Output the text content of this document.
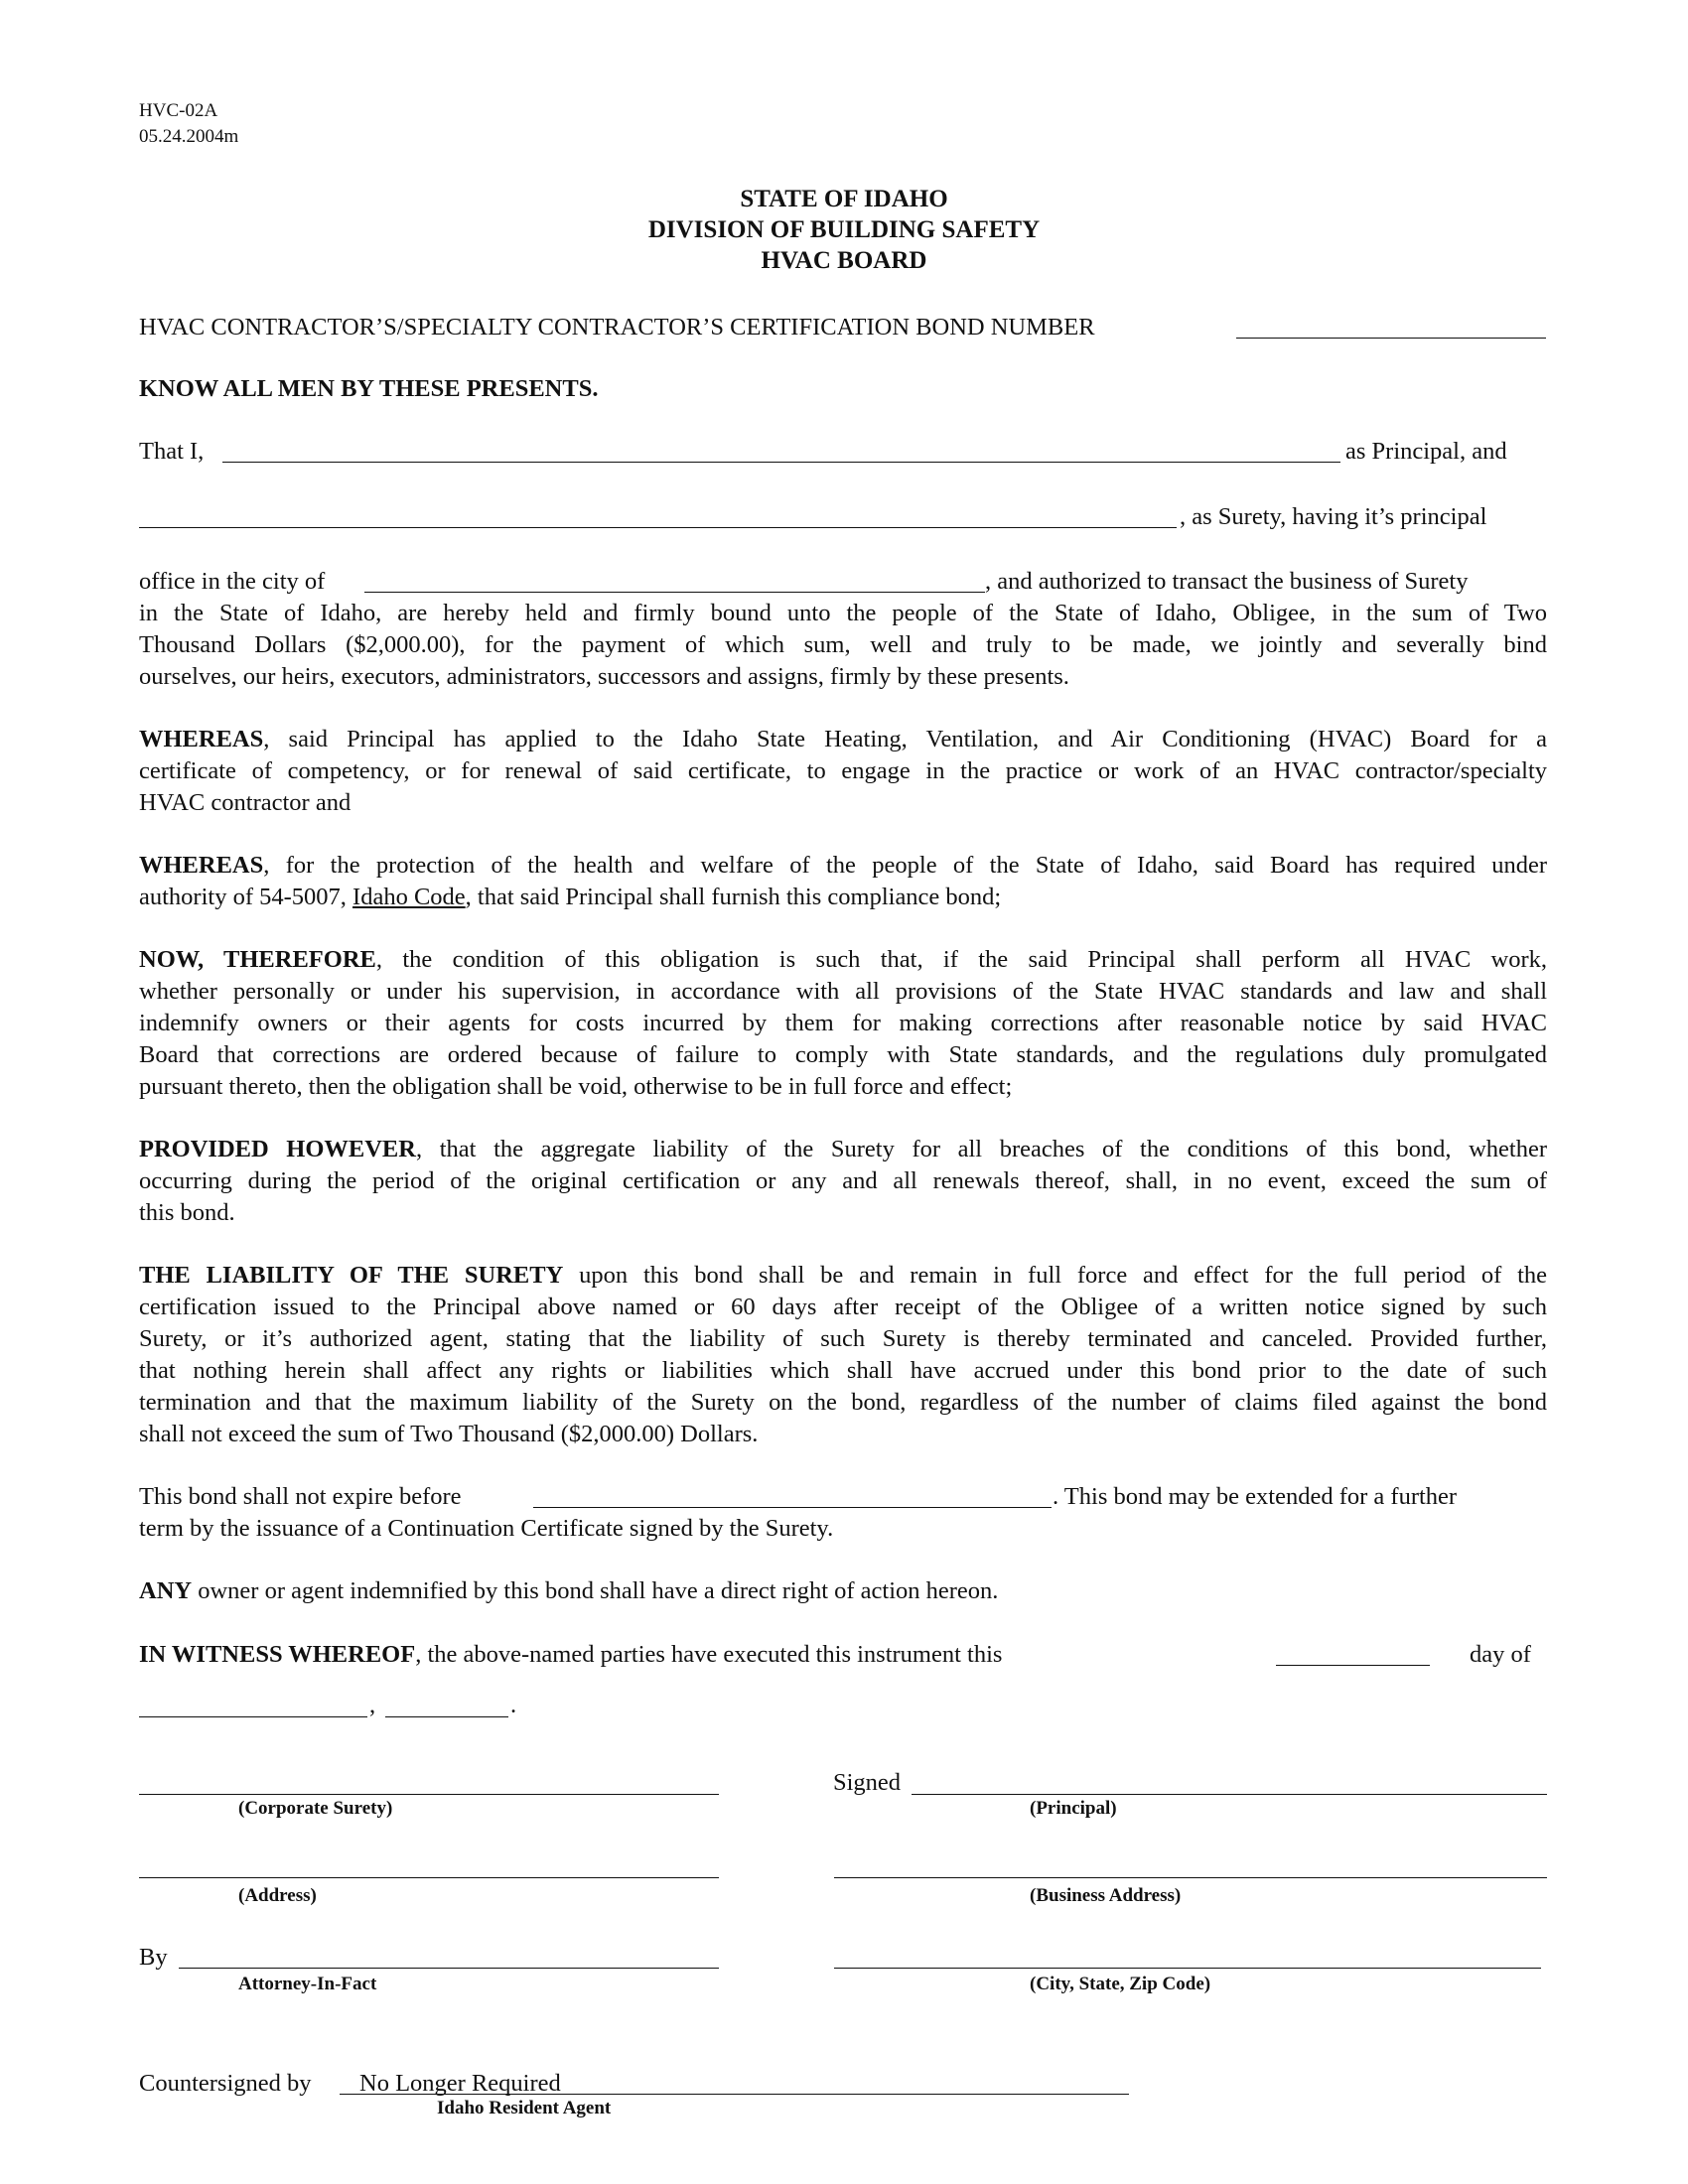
HVC-02A
05.24.2004m
STATE OF IDAHO
DIVISION OF BUILDING SAFETY
HVAC BOARD
HVAC CONTRACTOR’S/SPECIALTY CONTRACTOR’S CERTIFICATION BOND NUMBER
KNOW ALL MEN BY THESE PRESENTS.
That I,	as Principal, and
, as Surety, having it’s principal
office in the city of	, and authorized to transact the business of Surety
in the State of Idaho, are hereby held and firmly bound unto the people of the State of Idaho, Obligee, in the sum of Two
Thousand Dollars ($2,000.00), for the payment of which sum, well and truly to be made, we jointly and severally bind
ourselves, our heirs, executors, administrators, successors and assigns, firmly by these presents.
WHEREAS, said Principal has applied to the Idaho State Heating, Ventilation, and Air Conditioning (HVAC) Board for a
certificate of competency, or for renewal of said certificate, to engage in the practice or work of an HVAC contractor/specialty
HVAC contractor and
WHEREAS, for the protection of the health and welfare of the people of the State of Idaho, said Board has required under
authority of 54-5007, Idaho Code, that said Principal shall furnish this compliance bond;
NOW, THEREFORE, the condition of this obligation is such that, if the said Principal shall perform all HVAC work,
whether personally or under his supervision, in accordance with all provisions of the State HVAC standards and law and shall
indemnify owners or their agents for costs incurred by them for making corrections after reasonable notice by said HVAC
Board that corrections are ordered because of failure to comply with State standards, and the regulations duly promulgated
pursuant thereto, then the obligation shall be void, otherwise to be in full force and effect;
PROVIDED HOWEVER, that the aggregate liability of the Surety for all breaches of the conditions of this bond, whether
occurring during the period of the original certification or any and all renewals thereof, shall, in no event, exceed the sum of
this bond.
THE LIABILITY OF THE SURETY upon this bond shall be and remain in full force and effect for the full period of the
certification issued to the Principal above named or 60 days after receipt of the Obligee of a written notice signed by such
Surety, or it’s authorized agent, stating that the liability of such Surety is thereby terminated and canceled. Provided further,
that nothing herein shall affect any rights or liabilities which shall have accrued under this bond prior to the date of such
termination and that the maximum liability of the Surety on the bond, regardless of the number of claims filed against the bond
shall not exceed the sum of Two Thousand ($2,000.00) Dollars.
This bond shall not expire before	. This bond may be extended for a further
term by the issuance of a Continuation Certificate signed by the Surety.
ANY owner or agent indemnified by this bond shall have a direct right of action hereon.
IN WITNESS WHEREOF, the above-named parties have executed this instrument this	day of
,	.
Signed
(Corporate Surety)	(Principal)
(Address)	(Business Address)
By
Attorney-In-Fact	(City, State, Zip Code)
Countersigned by No Longer Required
Idaho Resident Agent
